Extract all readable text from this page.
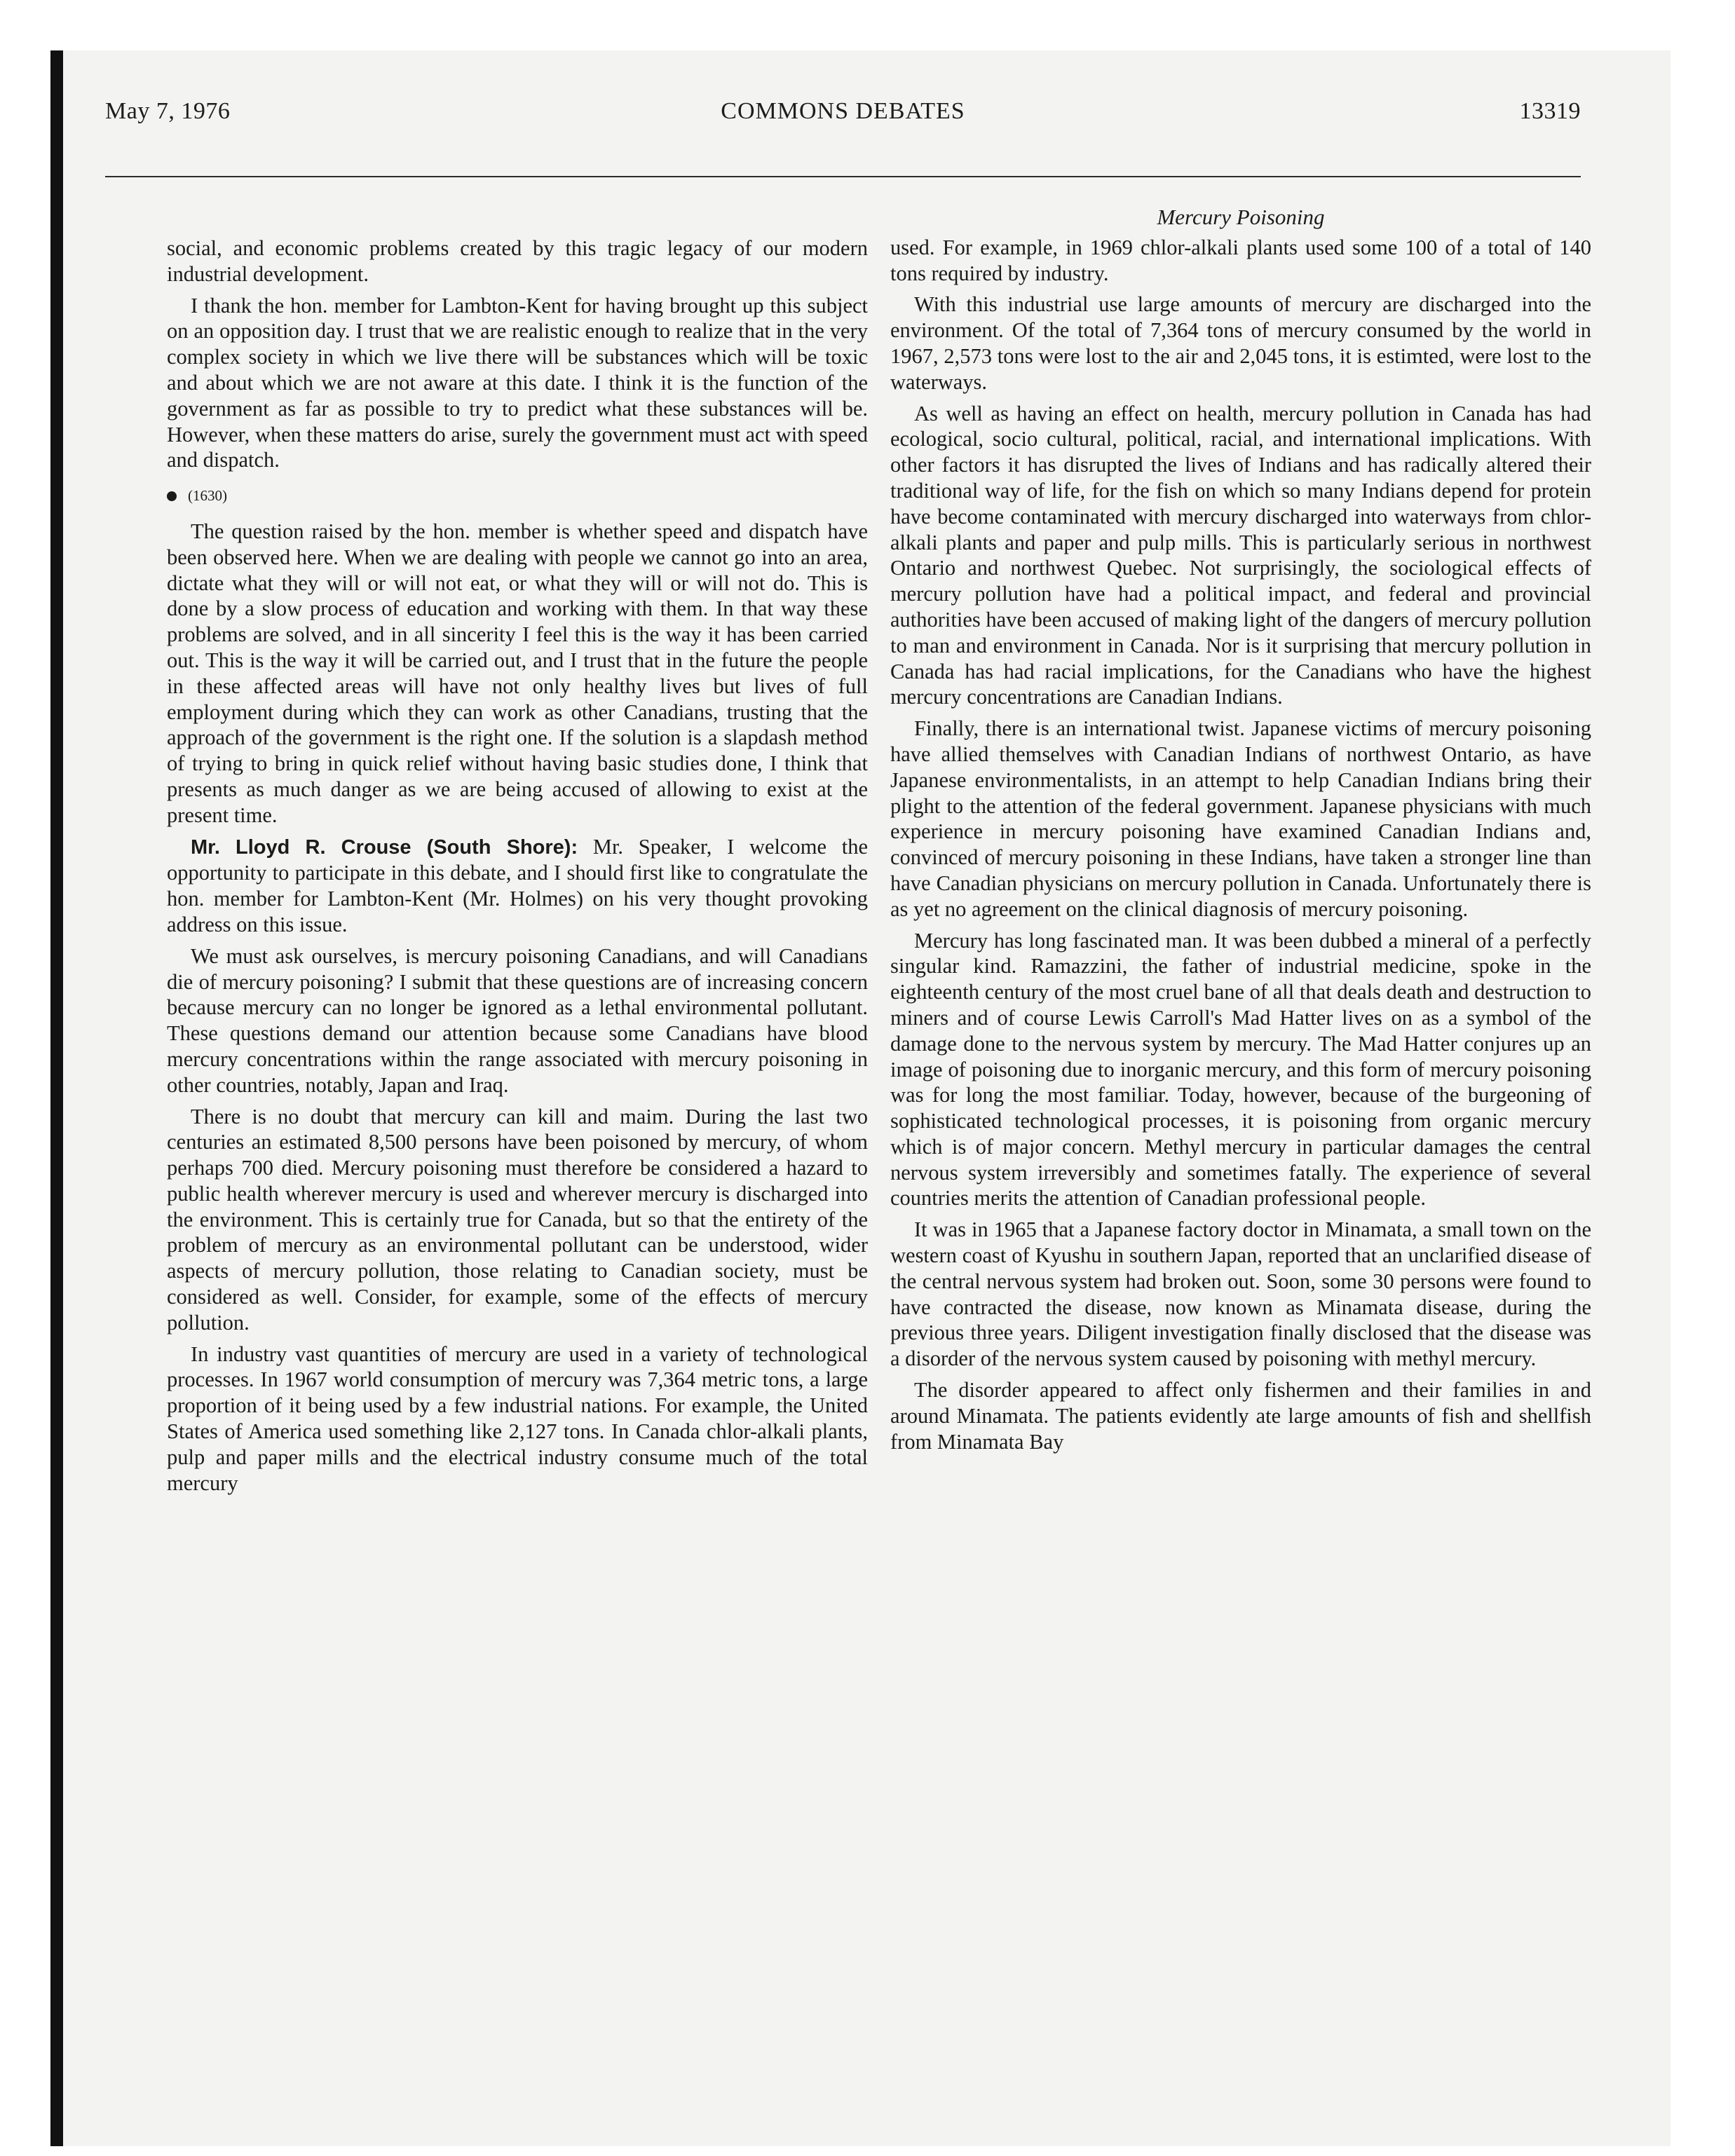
May 7, 1976	COMMONS DEBATES	13319

social, and economic problems created by this tragic legacy of our modern industrial development.

I thank the hon. member for Lambton-Kent for having brought up this subject on an opposition day. I trust that we are realistic enough to realize that in the very complex society in which we live there will be substances which will be toxic and about which we are not aware at this date. I think it is the function of the government as far as possible to try to predict what these substances will be. However, when these matters do arise, surely the government must act with speed and dispatch.

(1630)

The question raised by the hon. member is whether speed and dispatch have been observed here. When we are dealing with people we cannot go into an area, dictate what they will or will not eat, or what they will or will not do. This is done by a slow process of education and working with them. In that way these problems are solved, and in all sincerity I feel this is the way it has been carried out. This is the way it will be carried out, and I trust that in the future the people in these affected areas will have not only healthy lives but lives of full employment during which they can work as other Canadians, trusting that the approach of the government is the right one. If the solution is a slapdash method of trying to bring in quick relief without having basic studies done, I think that presents as much danger as we are being accused of allowing to exist at the present time.

Mr. Lloyd R. Crouse (South Shore): Mr. Speaker, I welcome the opportunity to participate in this debate, and I should first like to congratulate the hon. member for Lambton-Kent (Mr. Holmes) on his very thought provoking address on this issue.

We must ask ourselves, is mercury poisoning Canadians, and will Canadians die of mercury poisoning? I submit that these questions are of increasing concern because mercury can no longer be ignored as a lethal environmental pollutant. These questions demand our attention because some Canadians have blood mercury concentrations within the range associated with mercury poisoning in other countries, notably, Japan and Iraq.

There is no doubt that mercury can kill and maim. During the last two centuries an estimated 8,500 persons have been poisoned by mercury, of whom perhaps 700 died. Mercury poisoning must therefore be considered a hazard to public health wherever mercury is used and wherever mercury is discharged into the environment. This is certainly true for Canada, but so that the entirety of the problem of mercury as an environmental pollutant can be understood, wider aspects of mercury pollution, those relating to Canadian society, must be considered as well. Consider, for example, some of the effects of mercury pollution.

In industry vast quantities of mercury are used in a variety of technological processes. In 1967 world consumption of mercury was 7,364 metric tons, a large proportion of it being used by a few industrial nations. For example, the United States of America used something like 2,127 tons. In Canada chlor-alkali plants, pulp and paper mills and the electrical industry consume much of the total mercury

Mercury Poisoning

used. For example, in 1969 chlor-alkali plants used some 100 of a total of 140 tons required by industry.

With this industrial use large amounts of mercury are discharged into the environment. Of the total of 7,364 tons of mercury consumed by the world in 1967, 2,573 tons were lost to the air and 2,045 tons, it is estimted, were lost to the waterways.

As well as having an effect on health, mercury pollution in Canada has had ecological, socio cultural, political, racial, and international implications. With other factors it has disrupted the lives of Indians and has radically altered their traditional way of life, for the fish on which so many Indians depend for protein have become contaminated with mercury discharged into waterways from chlor-alkali plants and paper and pulp mills. This is particularly serious in northwest Ontario and northwest Quebec. Not surprisingly, the sociological effects of mercury pollution have had a political impact, and federal and provincial authorities have been accused of making light of the dangers of mercury pollution to man and environment in Canada. Nor is it surprising that mercury pollution in Canada has had racial implications, for the Canadians who have the highest mercury concentrations are Canadian Indians.

Finally, there is an international twist. Japanese victims of mercury poisoning have allied themselves with Canadian Indians of northwest Ontario, as have Japanese environmentalists, in an attempt to help Canadian Indians bring their plight to the attention of the federal government. Japanese physicians with much experience in mercury poisoning have examined Canadian Indians and, convinced of mercury poisoning in these Indians, have taken a stronger line than have Canadian physicians on mercury pollution in Canada. Unfortunately there is as yet no agreement on the clinical diagnosis of mercury poisoning.

Mercury has long fascinated man. It was been dubbed a mineral of a perfectly singular kind. Ramazzini, the father of industrial medicine, spoke in the eighteenth century of the most cruel bane of all that deals death and destruction to miners and of course Lewis Carroll's Mad Hatter lives on as a symbol of the damage done to the nervous system by mercury. The Mad Hatter conjures up an image of poisoning due to inorganic mercury, and this form of mercury poisoning was for long the most familiar. Today, however, because of the burgeoning of sophisticated technological processes, it is poisoning from organic mercury which is of major concern. Methyl mercury in particular damages the central nervous system irreversibly and sometimes fatally. The experience of several countries merits the attention of Canadian professional people.

It was in 1965 that a Japanese factory doctor in Minamata, a small town on the western coast of Kyushu in southern Japan, reported that an unclarified disease of the central nervous system had broken out. Soon, some 30 persons were found to have contracted the disease, now known as Minamata disease, during the previous three years. Diligent investigation finally disclosed that the disease was a disorder of the nervous system caused by poisoning with methyl mercury.

The disorder appeared to affect only fishermen and their families in and around Minamata. The patients evidently ate large amounts of fish and shellfish from Minamata Bay
